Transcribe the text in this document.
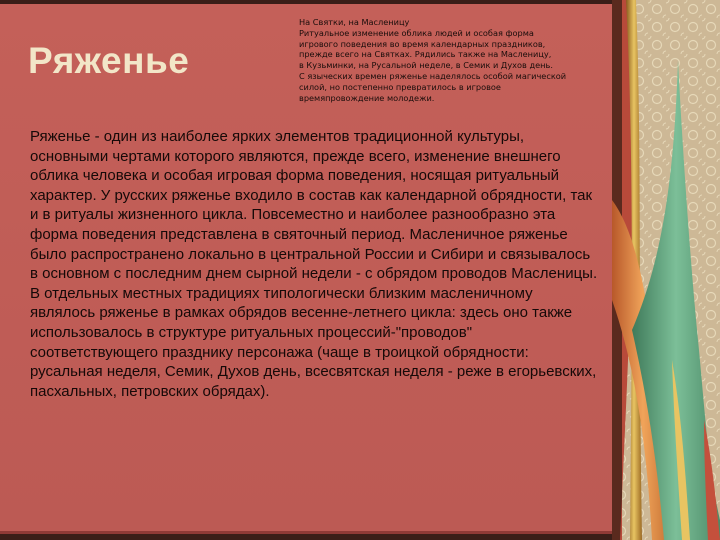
Ряженье

На Святки, на Масленицу

Ритуальное изменение облика людей и особая форма

игрового поведения во время календарных праздников,

прежде всего на Святках. Рядились также на Масленицу,

в Кузьминки, на Русальной неделе, в Семик и Духов день.

С языческих времен ряженье наделялось особой магической

силой, но постепенно превратилось в игровое

времяпровождение молодежи.

Ряженье - один из наиболее ярких элементов традиционной культуры, основными чертами которого являются, прежде всего, изменение внешнего облика человека и особая игровая форма поведения, носящая ритуальный характер. У русских ряженье входило в состав как календарной обрядности, так и в ритуалы жизненного цикла. Повсеместно и наиболее разнообразно эта форма поведения представлена в святочный период. Масленичное ряженье было распространено локально в центральной России и Сибири и связывалось в основном с последним днем сырной недели - с обрядом проводов Масленицы. В отдельных местных традициях типологически близким масленичному являлось ряженье в рамках обрядов весенне-летнего цикла: здесь оно также использовалось в структуре ритуальных процессий-"проводов" соответствующего празднику персонажа (чаще в троицкой обрядности: русальная неделя, Семик, Духов день, всесвятская неделя - реже в егорьевских, пасхальных, петровских обрядах).
